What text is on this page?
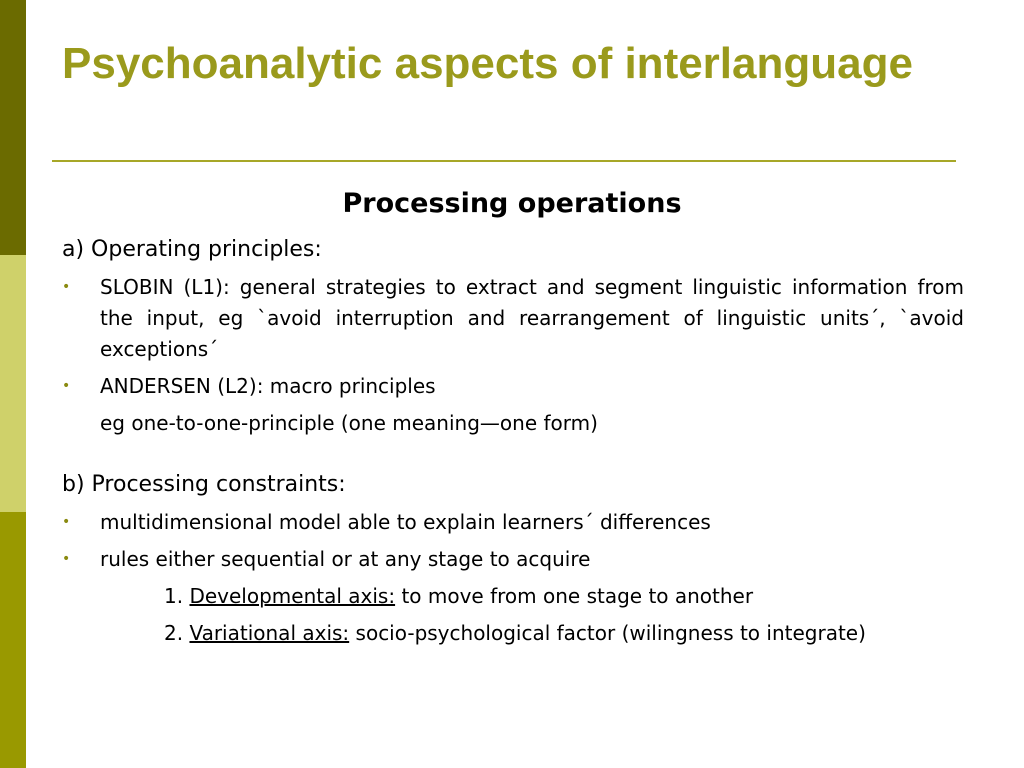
Psychoanalytic aspects of interlanguage
Processing operations

a) Operating principles:

• SLOBIN (L1): general strategies to extract and segment linguistic information from the input, eg `avoid interruption and rearrangement of linguistic units´, `avoid exceptions´
• ANDERSEN (L2): macro principles
eg one-to-one-principle (one meaning—one form)

b) Processing constraints:

• multidimensional model able to explain learners´ differences
• rules either sequential or at any stage to acquire
1. Developmental axis: to move from one stage to another
2. Variational axis: socio-psychological factor (wilingness to integrate)
